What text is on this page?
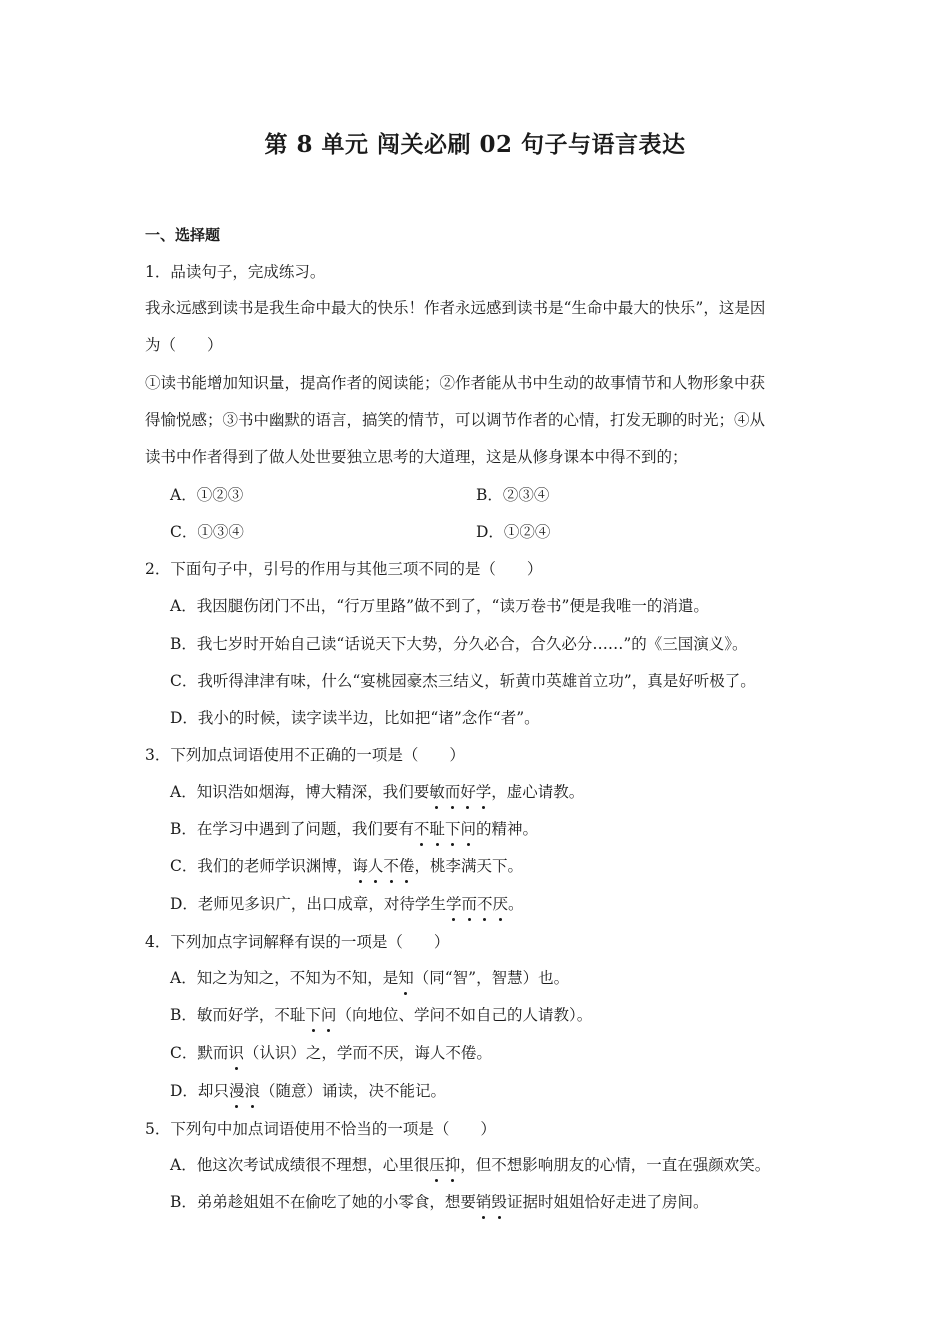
第 8 单元 闯关必刷 02 句子与语言表达
一、选择题
1．品读句子，完成练习。
我永远感到读书是我生命中最大的快乐！作者永远感到读书是“生命中最大的快乐”，这是因
为（　　）
①读书能增加知识量，提高作者的阅读能；②作者能从书中生动的故事情节和人物形象中获
得愉悦感；③书中幽默的语言，搞笑的情节，可以调节作者的心情，打发无聊的时光；④从
读书中作者得到了做人处世要独立思考的大道理，这是从修身课本中得不到的；
A．①②③	B．②③④
C．①③④	D．①②④
2．下面句子中，引号的作用与其他三项不同的是（　　）
A．我因腿伤闭门不出，“行万里路”做不到了，“读万卷书”便是我唯一的消遣。
B．我七岁时开始自己读“话说天下大势，分久必合，合久必分……”的《三国演义》。
C．我听得津津有味，什么“宴桃园豪杰三结义，斩黄巾英雄首立功”，真是好听极了。
D．我小的时候，读字读半边，比如把“诸”念作“者”。
3．下列加点词语使用不正确的一项是（　　）
A．知识浩如烟海，博大精深，我们要敏而好学，虚心请教。
B．在学习中遇到了问题，我们要有不耻下问的精神。
C．我们的老师学识渊博，诲人不倦，桃李满天下。
D．老师见多识广，出口成章，对待学生学而不厌。
4．下列加点字词解释有误的一项是（　　）
A．知之为知之，不知为不知，是知（同“智”，智慧）也。
B．敏而好学，不耻下问（向地位、学问不如自己的人请教）。
C．默而识（认识）之，学而不厌，诲人不倦。
D．却只漫浪（随意）诵读，决不能记。
5．下列句中加点词语使用不恰当的一项是（　　）
A．他这次考试成绩很不理想，心里很压抑，但不想影响朋友的心情，一直在强颜欢笑。
B．弟弟趁姐姐不在偷吃了她的小零食，想要销毁证据时姐姐恰好走进了房间。
